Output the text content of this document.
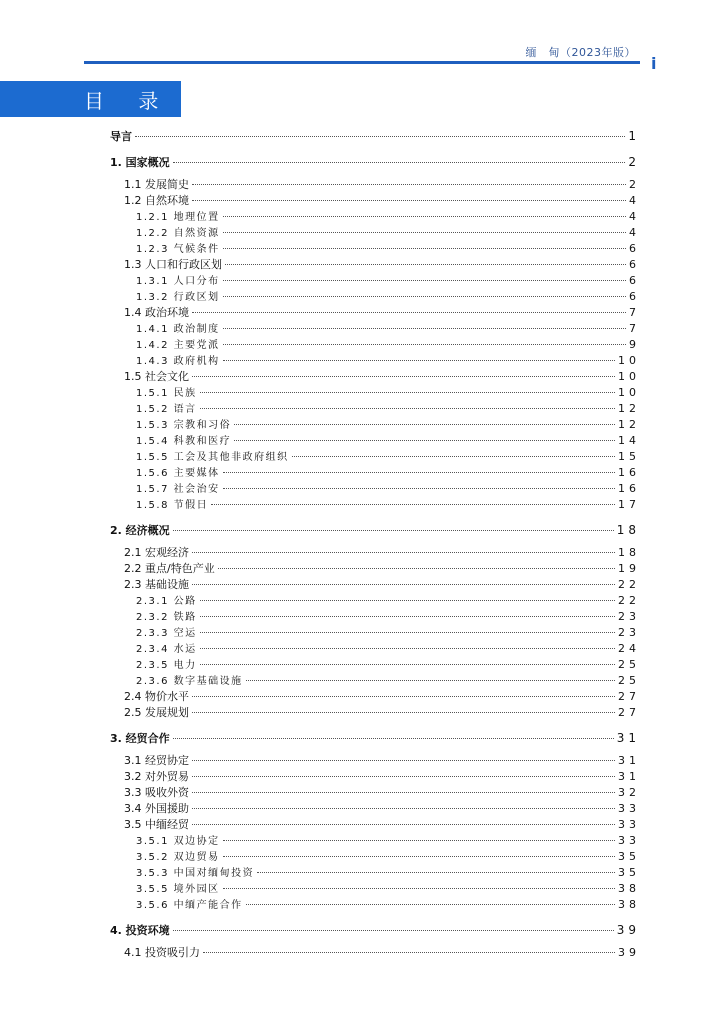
缅　甸（2023年版）
i
目 录
导言	1
1. 国家概况	2
1.1 发展简史	2
1.2 自然环境	4
1.2.1 地理位置	4
1.2.2 自然资源	4
1.2.3 气候条件	6
1.3 人口和行政区划	6
1.3.1 人口分布	6
1.3.2 行政区划	6
1.4 政治环境	7
1.4.1 政治制度	7
1.4.2 主要党派	9
1.4.3 政府机构	10
1.5 社会文化	10
1.5.1 民族	10
1.5.2 语言	12
1.5.3 宗教和习俗	12
1.5.4 科教和医疗	14
1.5.5 工会及其他非政府组织	15
1.5.6 主要媒体	16
1.5.7 社会治安	16
1.5.8 节假日	17
2. 经济概况	18
2.1 宏观经济	18
2.2 重点/特色产业	19
2.3 基础设施	22
2.3.1 公路	22
2.3.2 铁路	23
2.3.3 空运	23
2.3.4 水运	24
2.3.5 电力	25
2.3.6 数字基础设施	25
2.4 物价水平	27
2.5 发展规划	27
3. 经贸合作	31
3.1 经贸协定	31
3.2 对外贸易	31
3.3 吸收外资	32
3.4 外国援助	33
3.5 中缅经贸	33
3.5.1 双边协定	33
3.5.2 双边贸易	35
3.5.3 中国对缅甸投资	35
3.5.5 境外园区	38
3.5.6 中缅产能合作	38
4. 投资环境	39
4.1 投资吸引力	39
